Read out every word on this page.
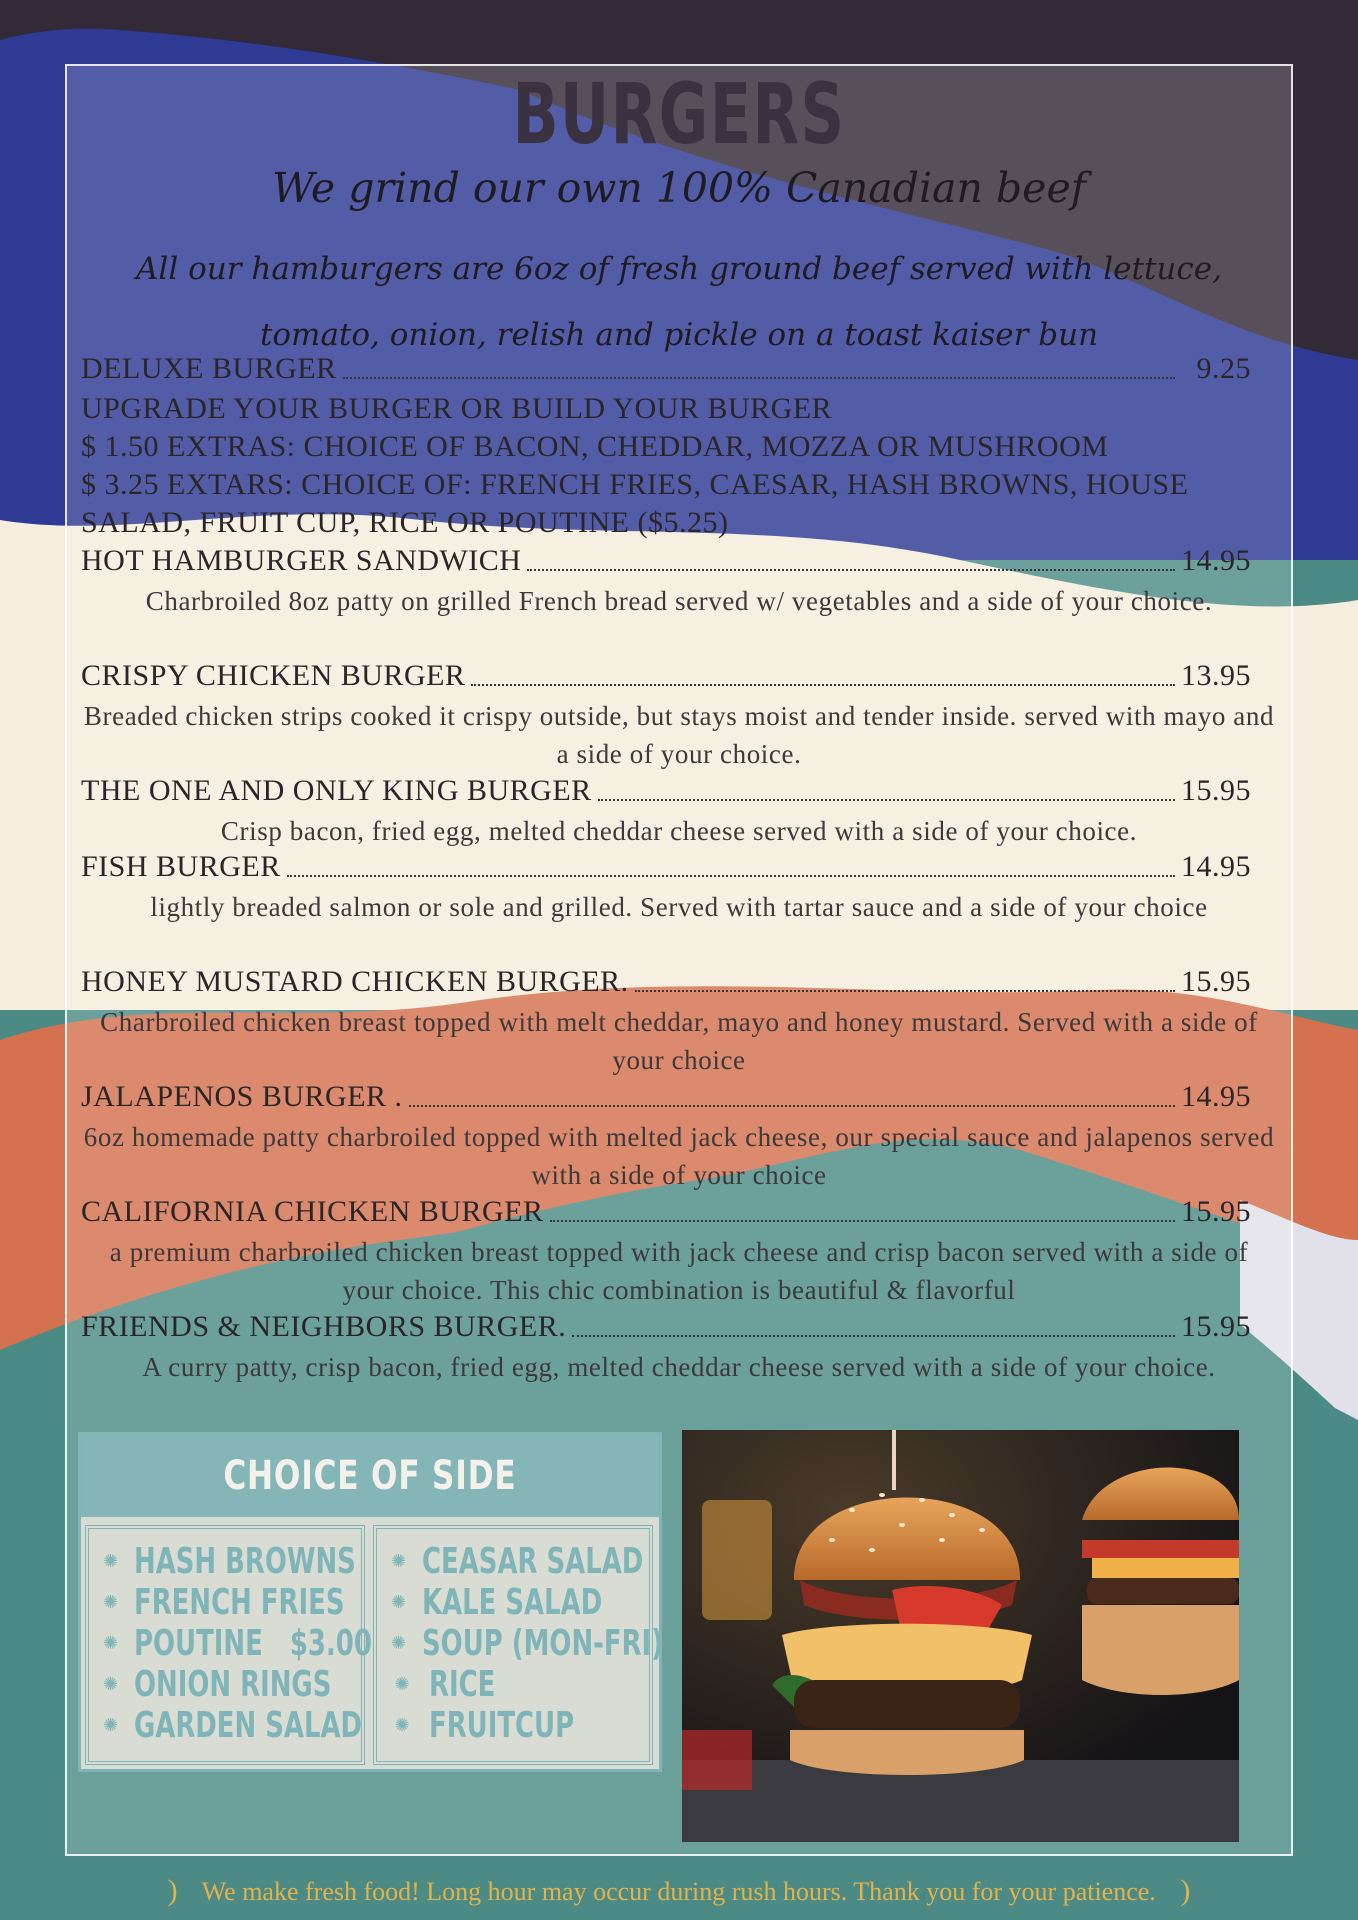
BURGERS
We grind our own 100% Canadian beef
All our hamburgers are 6oz of fresh ground beef served with lettuce, tomato, onion, relish and pickle on a toast kaiser bun
DELUXE BURGER	9.25
UPGRADE YOUR BURGER OR BUILD YOUR BURGER
$ 1.50 EXTRAS: CHOICE OF BACON, CHEDDAR, MOZZA OR MUSHROOM
$ 3.25 EXTARS: CHOICE OF: FRENCH FRIES, CAESAR, HASH BROWNS, HOUSE SALAD, FRUIT CUP, RICE OR POUTINE ($5.25)
HOT HAMBURGER SANDWICH	14.95
Charbroiled 8oz patty on grilled French bread served w/ vegetables and a side of your choice.
CRISPY CHICKEN BURGER	13.95
Breaded chicken strips cooked it crispy outside, but stays moist and tender inside. served with mayo and a side of your choice.
THE ONE AND ONLY KING BURGER	15.95
Crisp bacon, fried egg, melted cheddar cheese served with a side of your choice.
FISH BURGER	14.95
lightly breaded salmon or sole and grilled. Served with tartar sauce and a side of your choice
HONEY MUSTARD CHICKEN BURGER.	15.95
Charbroiled chicken breast topped with melt cheddar, mayo and honey mustard. Served with a side of your choice
JALAPENOS BURGER .	14.95
6oz homemade patty charbroiled topped with melted jack cheese, our special sauce and jalapenos served with a side of your choice
CALIFORNIA CHICKEN BURGER	15.95
a premium charbroiled chicken breast topped with jack cheese and crisp bacon served with a side of your choice. This chic combination is beautiful & flavorful
FRIENDS & NEIGHBORS BURGER.	15.95
A curry patty, crisp bacon, fried egg, melted cheddar cheese served with a side of your choice.
CHOICE OF SIDE
✺ HASH BROWNS
✺ FRENCH FRIES
✺ POUTINE   $3.00
✺ ONION RINGS
✺ GARDEN SALAD
✺ CEASAR SALAD
✺ KALE SALAD
✺ SOUP (MON-FRI)
✺ RICE
✺ FRUITCUP
) We make fresh food! Long hour may occur during rush hours. Thank you for your patience. )
